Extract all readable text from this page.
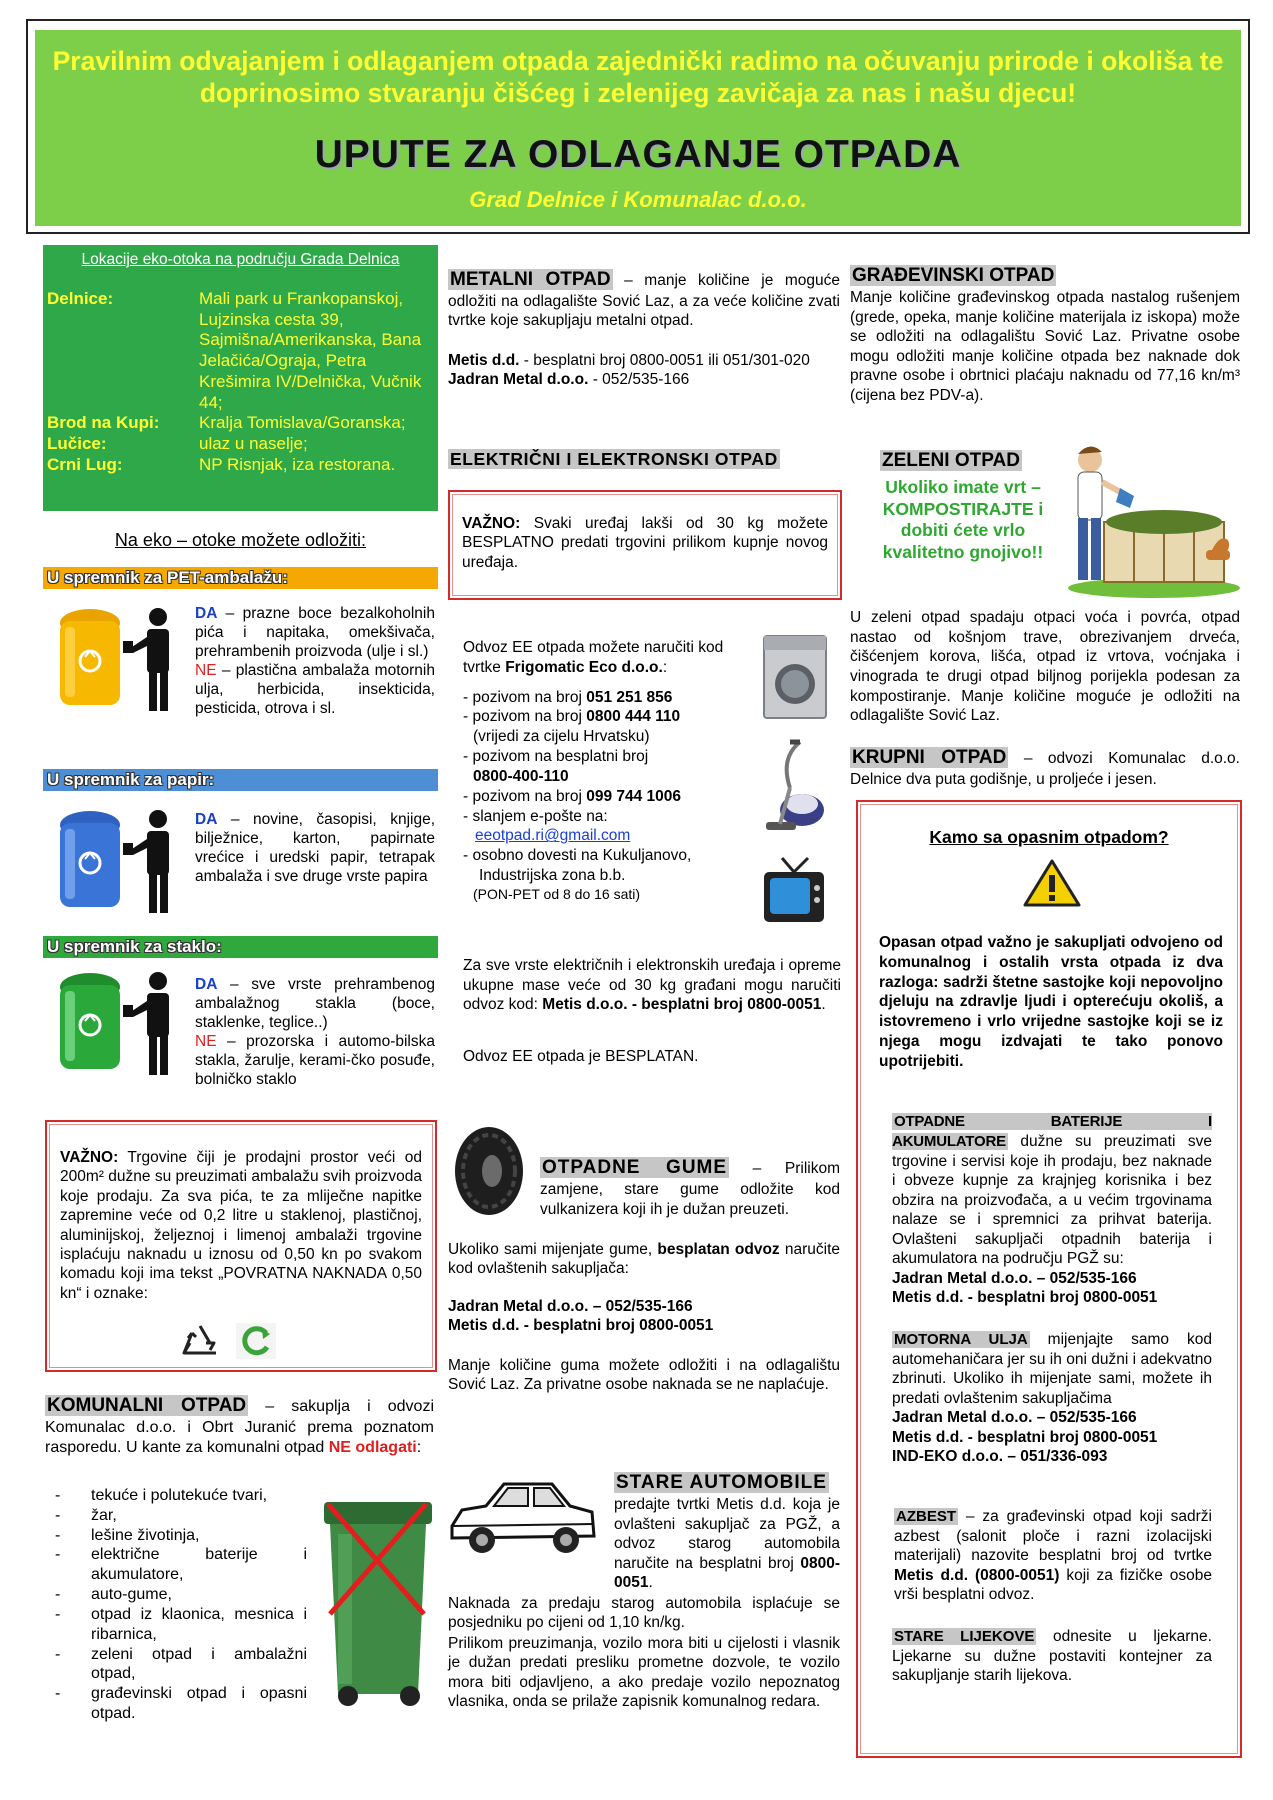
Pravilnim odvajanjem i odlaganjem otpada zajednički radimo na očuvanju prirode i okoliša te doprinosimo stvaranju čišćeg i zelenijeg zavičaja za nas i našu djecu!
UPUTE ZA ODLAGANJE OTPADA
Grad Delnice i Komunalac d.o.o.
Lokacije eko-otoka na području Grada Delnica
Delnice:	Mali park u Frankopanskoj, Lujzinska cesta 39, Sajmišna/Amerikanska, Bana Jelačića/Ograja, Petra Krešimira IV/Delnička, Vučnik 44;
Brod na Kupi:	Kralja Tomislava/Goranska;
Lučice:	ulaz u naselje;
Crni Lug:	NP Risnjak, iza restorana.
Na eko – otoke možete odložiti:
U spremnik za PET-ambalažu:
DA – prazne boce bezalkoholnih pića i napitaka, omekšivača, prehrambenih proizvoda (ulje i sl.)
NE – plastična ambalaža motornih ulja, herbicida, insekticida, pesticida, otrova i sl.
U spremnik za papir:
DA – novine, časopisi, knjige, bilježnice, karton, papirnate vrećice i uredski papir, tetrapak ambalaža i sve druge vrste papira
U spremnik za staklo:
DA – sve vrste prehrambenog ambalažnog stakla (boce, staklenke, teglice..)
NE – prozorska i automo-bilska stakla, žarulje, kerami-čko posuđe, bolničko staklo
VAŽNO: Trgovine čiji je prodajni prostor veći od 200m² dužne su preuzimati ambalažu svih proizvoda koje prodaju. Za sva pića, te za mliječne napitke zapremine veće od 0,2 litre u staklenoj, plastičnoj, aluminijskoj, željeznoj i limenoj ambalaži trgovine isplaćuju naknadu u iznosu od 0,50 kn po svakom komadu koji ima tekst „POVRATNA NAKNADA 0,50 kn“ i oznake:
KOMUNALNI OTPAD – sakuplja i odvozi Komunalac d.o.o. i Obrt Juranić prema poznatom rasporedu. U kante za komunalni otpad NE odlagati:
- tekuće i polutekuće tvari,
- žar,
- lešine životinja,
- električne baterije i akumulatore,
- auto-gume,
- otpad iz klaonica, mesnica i ribarnica,
- zeleni otpad i ambalažni otpad,
- građevinski otpad i opasni otpad.
METALNI OTPAD – manje količine je moguće odložiti na odlagalište Sović Laz, a za veće količine zvati tvrtke koje sakupljaju metalni otpad.
Metis d.d. - besplatni broj 0800-0051 ili 051/301-020
Jadran Metal d.o.o. - 052/535-166
ELEKTRIČNI I ELEKTRONSKI OTPAD
VAŽNO: Svaki uređaj lakši od 30 kg možete BESPLATNO predati trgovini prilikom kupnje novog uređaja.
Odvoz EE otpada možete naručiti kod tvrtke Frigomatic Eco d.o.o.:
- pozivom na broj 051 251 856
- pozivom na broj 0800 444 110
(vrijedi za cijelu Hrvatsku)
- pozivom na besplatni broj
0800-400-110
- pozivom na broj 099 744 1006
- slanjem e-pošte na:
eeotpad.ri@gmail.com
- osobno dovesti na Kukuljanovo,
Industrijska zona b.b.
(PON-PET od 8 do 16 sati)
Za sve vrste električnih i elektronskih uređaja i opreme ukupne mase veće od 30 kg građani mogu naručiti odvoz kod: Metis d.o.o. - besplatni broj 0800-0051.
Odvoz EE otpada je BESPLATAN.
OTPADNE GUME – Prilikom zamjene, stare gume odložite kod vulkanizera koji ih je dužan preuzeti.
Ukoliko sami mijenjate gume, besplatan odvoz naručite kod ovlaštenih sakupljača:
Jadran Metal d.o.o. – 052/535-166
Metis d.d. - besplatni broj 0800-0051
Manje količine guma možete odložiti i na odlagalištu Sović Laz. Za privatne osobe naknada se ne naplaćuje.
STARE AUTOMOBILE
predajte tvrtki Metis d.d. koja je ovlašteni sakupljač za PGŽ, a odvoz starog automobila naručite na besplatni broj 0800-0051.
Naknada za predaju starog automobila isplaćuje se posjedniku po cijeni od 1,10 kn/kg.
Prilikom preuzimanja, vozilo mora biti u cijelosti i vlasnik je dužan predati presliku prometne dozvole, te vozilo mora biti odjavljeno, a ako predaje vozilo nepoznatog vlasnika, onda se prilaže zapisnik komunalnog redara.
GRAĐEVINSKI OTPAD
Manje količine građevinskog otpada nastalog rušenjem (grede, opeka, manje količine materijala iz iskopa) može se odložiti na odlagalištu Sović Laz. Privatne osobe mogu odložiti manje količine otpada bez naknade dok pravne osobe i obrtnici plaćaju naknadu od 77,16 kn/m³ (cijena bez PDV-a).
ZELENI OTPAD
Ukoliko imate vrt – KOMPOSTIRAJTE i dobiti ćete vrlo kvalitetno gnojivo!!
U zeleni otpad spadaju otpaci voća i povrća, otpad nastao od košnjom trave, obrezivanjem drveća, čišćenjem korova, lišća, otpad iz vrtova, voćnjaka i vinograda te drugi otpad biljnog porijekla podesan za kompostiranje. Manje količine moguće je odložiti na odlagalište Sović Laz.
KRUPNI OTPAD – odvozi Komunalac d.o.o. Delnice dva puta godišnje, u proljeće i jesen.
Kamo sa opasnim otpadom?
Opasan otpad važno je sakupljati odvojeno od komunalnog i ostalih vrsta otpada iz dva razloga: sadrži štetne sastojke koji nepovoljno djeluju na zdravlje ljudi i opterećuju okoliš, a istovremeno i vrlo vrijedne sastojke koji se iz njega mogu izdvajati te tako ponovo upotrijebiti.
OTPADNE BATERIJE I AKUMULATORE dužne su preuzimati sve trgovine i servisi koje ih prodaju, bez naknade i obveze kupnje za krajnjeg korisnika i bez obzira na proizvođača, a u većim trgovinama nalaze se i spremnici za prihvat baterija. Ovlašteni sakupljači otpadnih baterija i akumulatora na području PGŽ su:
Jadran Metal d.o.o. – 052/535-166
Metis d.d. - besplatni broj 0800-0051
MOTORNA ULJA mijenjajte samo kod automehaničara jer su ih oni dužni i adekvatno zbrinuti. Ukoliko ih mijenjate sami, možete ih predati ovlaštenim sakupljačima
Jadran Metal d.o.o. – 052/535-166
Metis d.d. - besplatni broj 0800-0051
IND-EKO d.o.o. – 051/336-093
AZBEST – za građevinski otpad koji sadrži azbest (salonit ploče i razni izolacijski materijali) nazovite besplatni broj od tvrtke Metis d.d. (0800-0051) koji za fizičke osobe vrši besplatni odvoz.
STARE LIJEKOVE odnesite u ljekarne. Ljekarne su dužne postaviti kontejner za sakupljanje starih lijekova.
